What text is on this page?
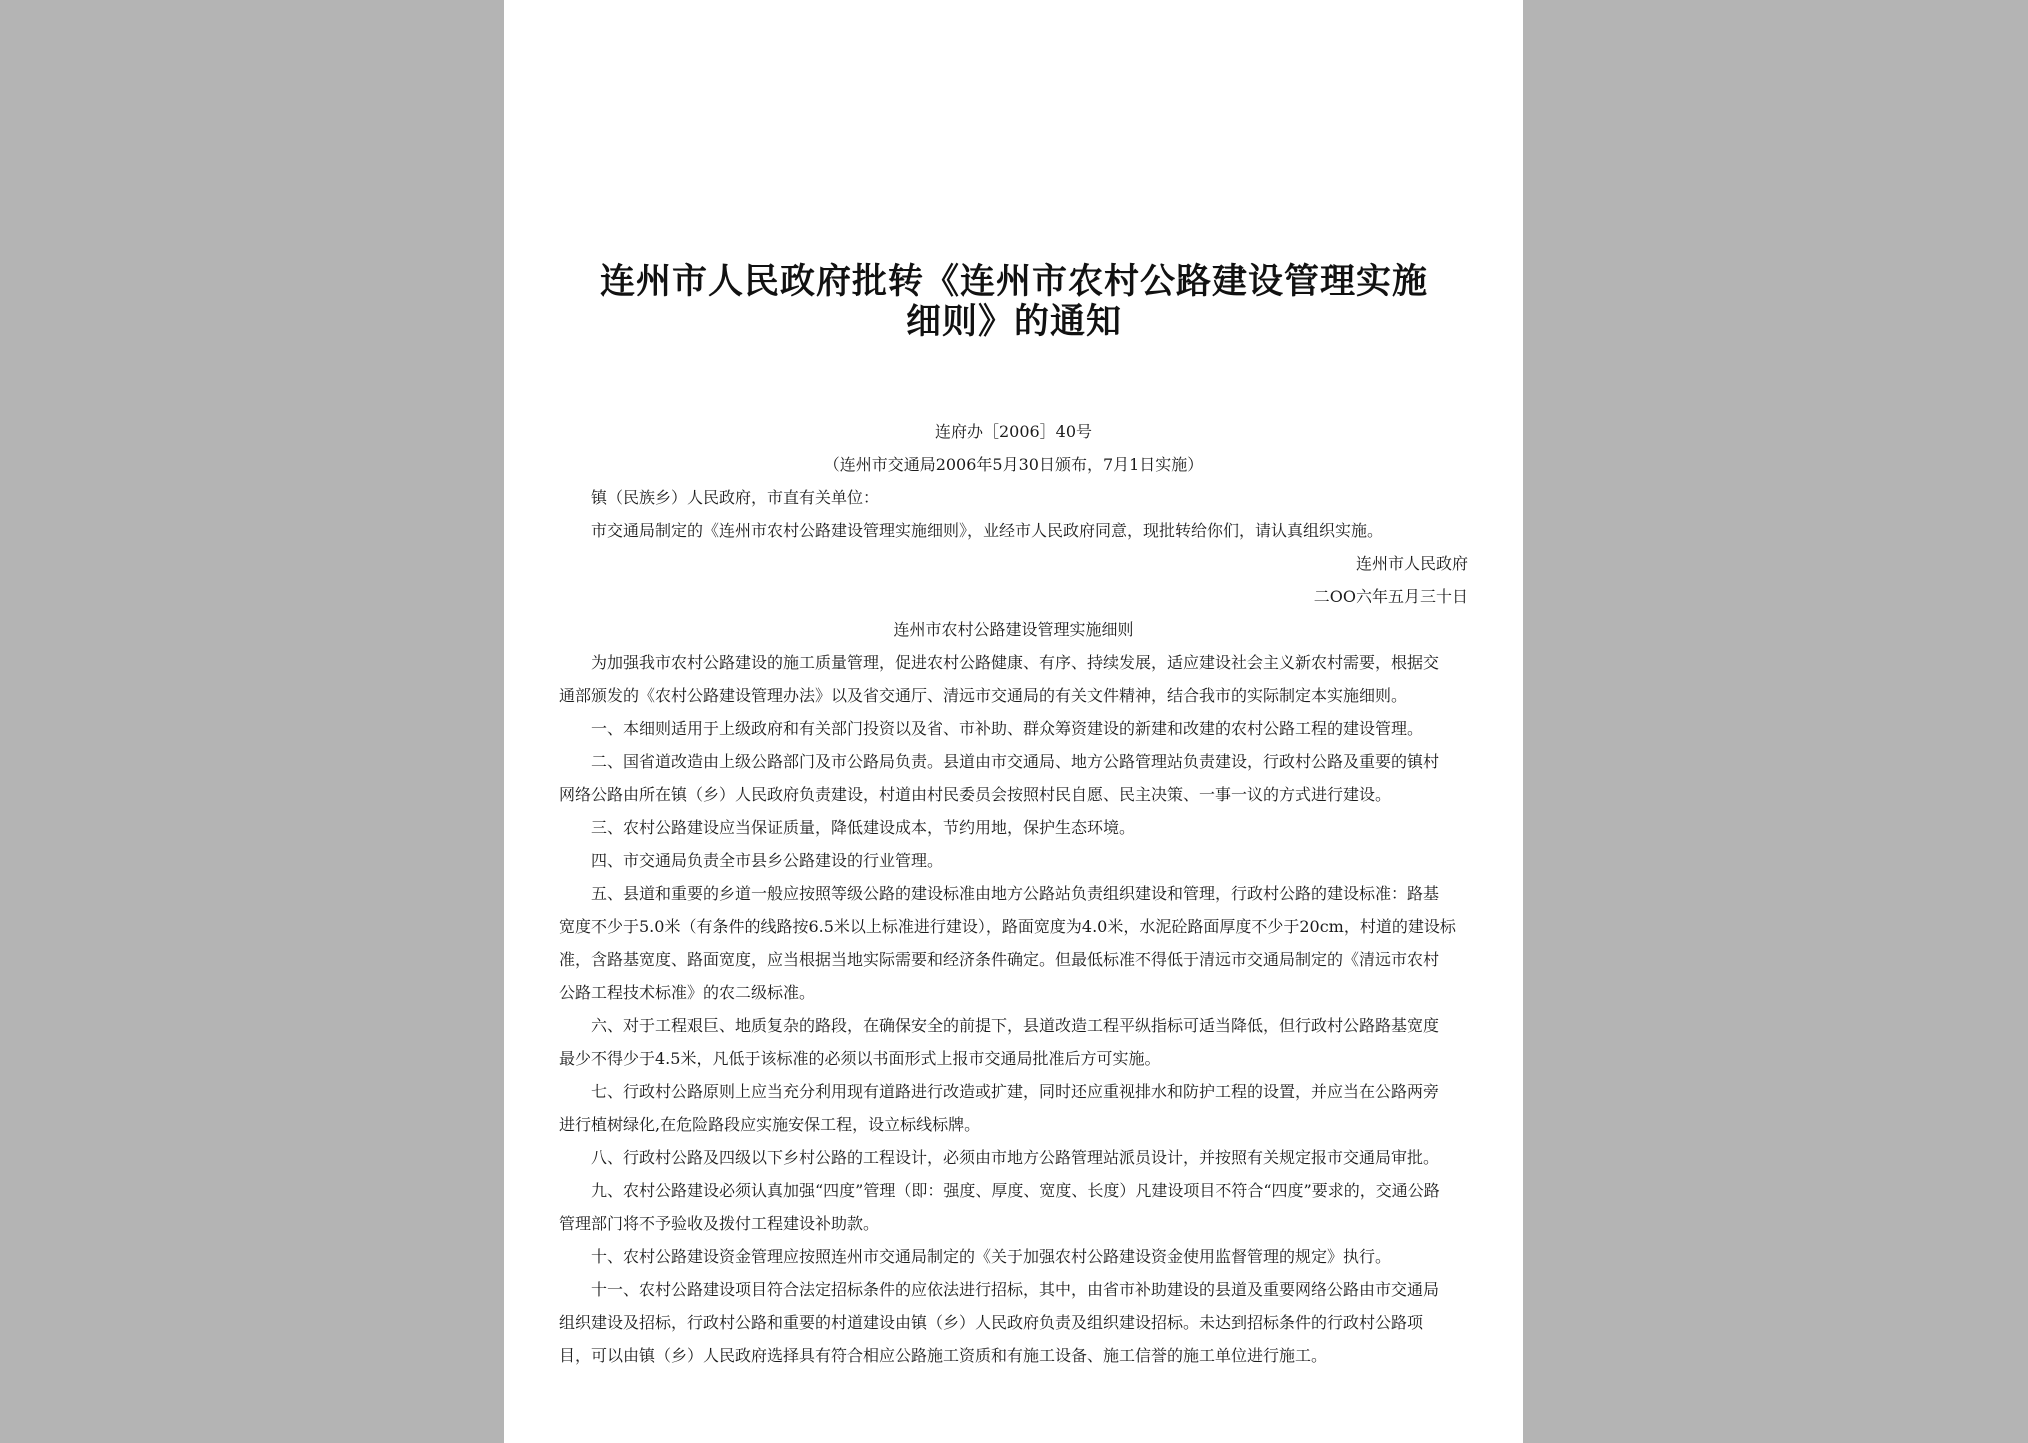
连州市人民政府批转《连州市农村公路建设管理实施
细则》的通知
连府办［2006］40号
（连州市交通局2006年5月30日颁布，7月1日实施）
镇（民族乡）人民政府，市直有关单位：
市交通局制定的《连州市农村公路建设管理实施细则》，业经市人民政府同意，现批转给你们，请认真组织实施。
连州市人民政府
二OO六年五月三十日
连州市农村公路建设管理实施细则
为加强我市农村公路建设的施工质量管理，促进农村公路健康、有序、持续发展，适应建设社会主义新农村需要，根据交
通部颁发的《农村公路建设管理办法》以及省交通厅、清远市交通局的有关文件精神，结合我市的实际制定本实施细则。
一、本细则适用于上级政府和有关部门投资以及省、市补助、群众筹资建设的新建和改建的农村公路工程的建设管理。
二、国省道改造由上级公路部门及市公路局负责。县道由市交通局、地方公路管理站负责建设，行政村公路及重要的镇村
网络公路由所在镇（乡）人民政府负责建设，村道由村民委员会按照村民自愿、民主决策、一事一议的方式进行建设。
三、农村公路建设应当保证质量，降低建设成本，节约用地，保护生态环境。
四、市交通局负责全市县乡公路建设的行业管理。
五、县道和重要的乡道一般应按照等级公路的建设标准由地方公路站负责组织建设和管理，行政村公路的建设标准：路基
宽度不少于5.0米（有条件的线路按6.5米以上标准进行建设），路面宽度为4.0米，水泥砼路面厚度不少于20cm，村道的建设标
准，含路基宽度、路面宽度，应当根据当地实际需要和经济条件确定。但最低标准不得低于清远市交通局制定的《清远市农村
公路工程技术标准》的农二级标准。
六、对于工程艰巨、地质复杂的路段，在确保安全的前提下，县道改造工程平纵指标可适当降低，但行政村公路路基宽度
最少不得少于4.5米，凡低于该标准的必须以书面形式上报市交通局批准后方可实施。
七、行政村公路原则上应当充分利用现有道路进行改造或扩建，同时还应重视排水和防护工程的设置，并应当在公路两旁
进行植树绿化,在危险路段应实施安保工程，设立标线标牌。
八、行政村公路及四级以下乡村公路的工程设计，必须由市地方公路管理站派员设计，并按照有关规定报市交通局审批。
九、农村公路建设必须认真加强“四度”管理（即：强度、厚度、宽度、长度）凡建设项目不符合“四度”要求的，交通公路
管理部门将不予验收及拨付工程建设补助款。
十、农村公路建设资金管理应按照连州市交通局制定的《关于加强农村公路建设资金使用监督管理的规定》执行。
十一、农村公路建设项目符合法定招标条件的应依法进行招标，其中，由省市补助建设的县道及重要网络公路由市交通局
组织建设及招标，行政村公路和重要的村道建设由镇（乡）人民政府负责及组织建设招标。未达到招标条件的行政村公路项
目，可以由镇（乡）人民政府选择具有符合相应公路施工资质和有施工设备、施工信誉的施工单位进行施工。
